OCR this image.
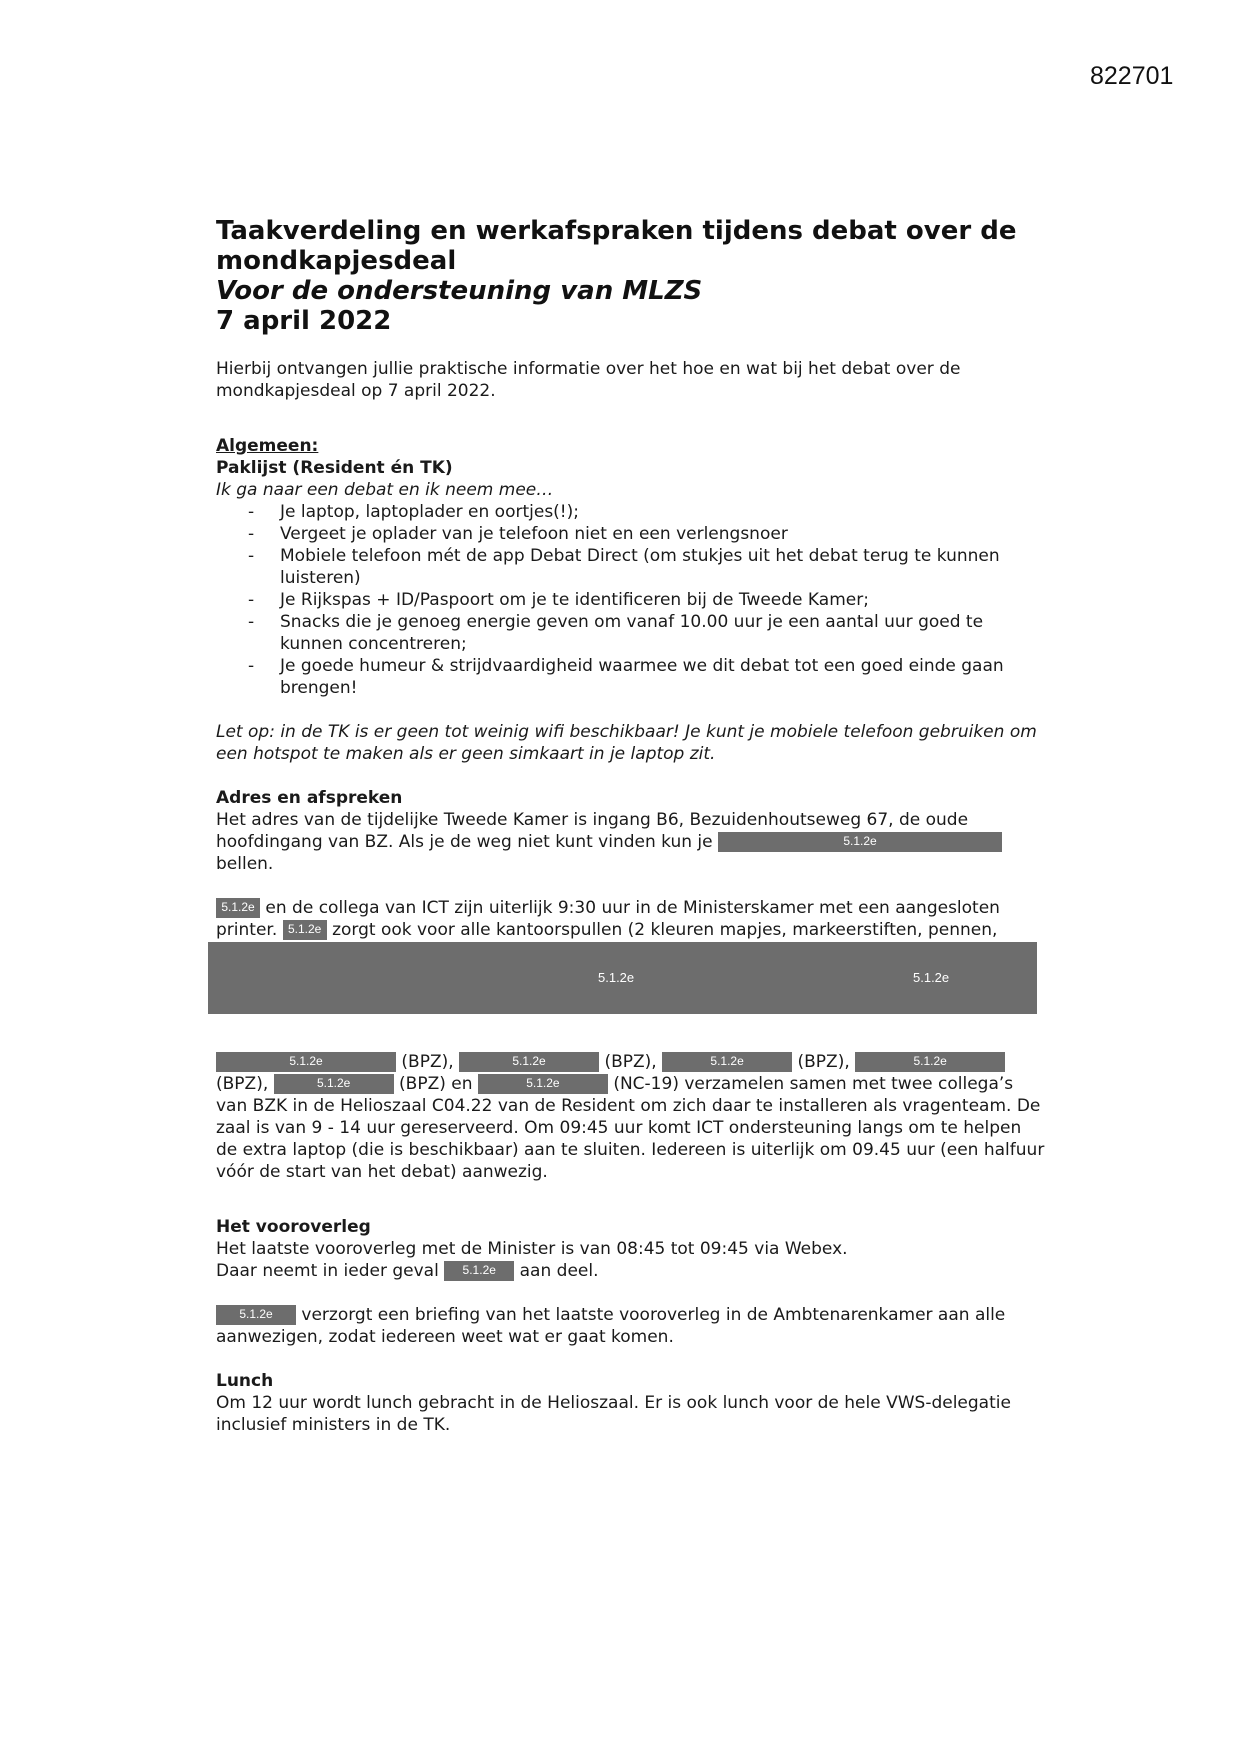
822701
Taakverdeling en werkafspraken tijdens debat over de
mondkapjesdeal
Voor de ondersteuning van MLZS
7 april 2022

Hierbij ontvangen jullie praktische informatie over het hoe en wat bij het debat over de mondkapjesdeal op 7 april 2022.

Algemeen:

Paklijst (Resident én TK)

Ik ga naar een debat en ik neem mee…

- Je laptop, laptoplader en oortjes(!);
- Vergeet je oplader van je telefoon niet en een verlengsnoer
- Mobiele telefoon mét de app Debat Direct (om stukjes uit het debat terug te kunnen luisteren)
- Je Rijkspas + ID/Paspoort om je te identificeren bij de Tweede Kamer;
- Snacks die je genoeg energie geven om vanaf 10.00 uur je een aantal uur goed te kunnen concentreren;
- Je goede humeur & strijdvaardigheid waarmee we dit debat tot een goed einde gaan brengen!

Let op: in de TK is er geen tot weinig wifi beschikbaar! Je kunt je mobiele telefoon gebruiken om een hotspot te maken als er geen simkaart in je laptop zit.

Adres en afspreken

Het adres van de tijdelijke Tweede Kamer is ingang B6, Bezuidenhoutseweg 67, de oude hoofdingang van BZ. Als je de weg niet kunt vinden kun je	5.1.2e bellen.

5.1.2e en de collega van ICT zijn uiterlijk 9:30 uur in de Ministerskamer met een aangesloten printer. 5.1.2e zorgt ook voor alle kantoorspullen (2 kleuren mapjes, markeerstiften, pennen,

5.1.2e	(BPZ),	5.1.2e	(BPZ),	5.1.2e	(BPZ),	5.1.2e (BPZ),	5.1.2e	(BPZ) en	5.1.2e	(NC-19) verzamelen samen met twee collega’s van BZK in de Helioszaal C04.22 van de Resident om zich daar te installeren als vragenteam. De zaal is van 9 - 14 uur gereserveerd. Om 09:45 uur komt ICT ondersteuning langs om te helpen de extra laptop (die is beschikbaar) aan te sluiten. Iedereen is uiterlijk om 09.45 uur (een halfuur vóór de start van het debat) aanwezig.

Het vooroverleg

Het laatste vooroverleg met de Minister is van 08:45 tot 09:45 via Webex.

Daar neemt in ieder geval 5.1.2e aan deel.

5.1.2e verzorgt een briefing van het laatste vooroverleg in de Ambtenarenkamer aan alle aanwezigen, zodat iedereen weet wat er gaat komen.

Lunch

Om 12 uur wordt lunch gebracht in de Helioszaal. Er is ook lunch voor de hele VWS-delegatie inclusief ministers in de TK.

5.1.2e	5.1.2e
